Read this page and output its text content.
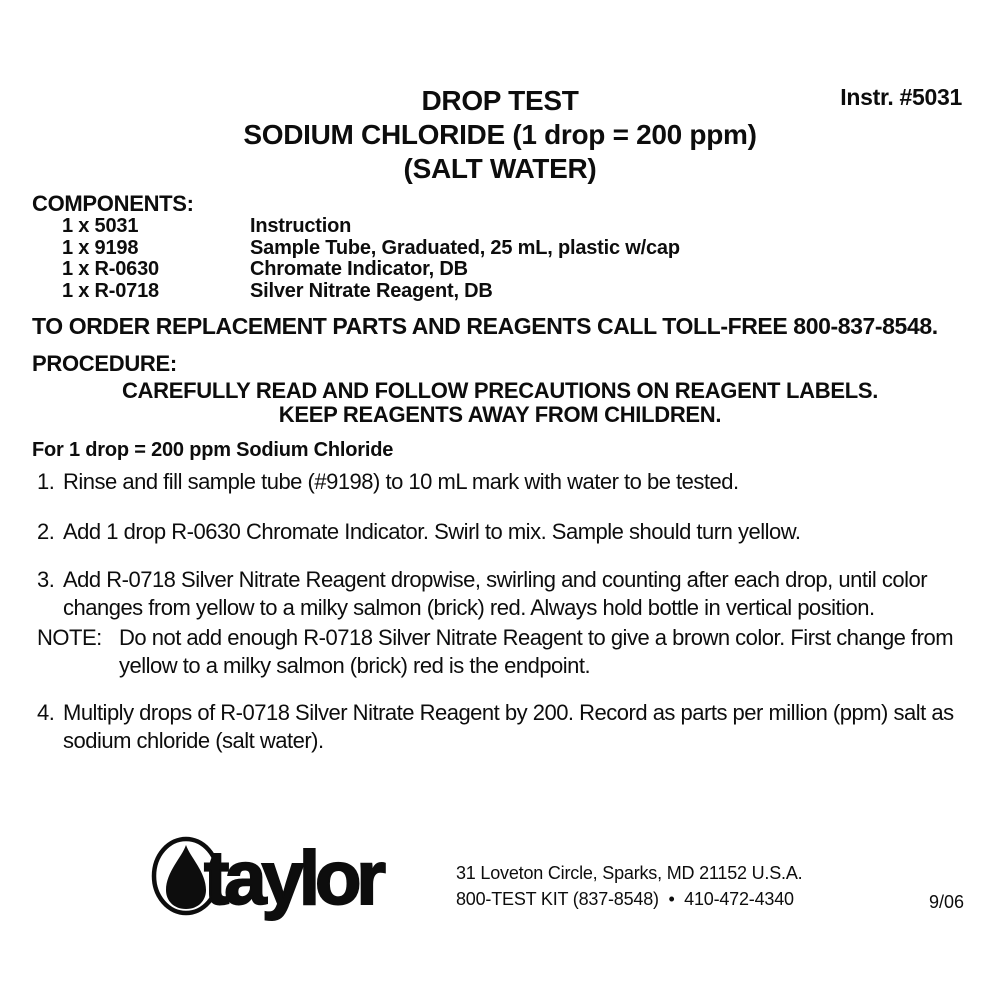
DROP TEST
SODIUM CHLORIDE (1 drop = 200 ppm)
(SALT WATER)
Instr. #5031
COMPONENTS:
1 x 5031	Instruction
1 x 9198	Sample Tube, Graduated, 25 mL, plastic w/cap
1 x R-0630	Chromate Indicator, DB
1 x R-0718	Silver Nitrate Reagent, DB
TO ORDER REPLACEMENT PARTS AND REAGENTS CALL TOLL-FREE 800-837-8548.
PROCEDURE:
CAREFULLY READ AND FOLLOW PRECAUTIONS ON REAGENT LABELS.
KEEP REAGENTS AWAY FROM CHILDREN.
For 1 drop = 200 ppm Sodium Chloride
1. Rinse and fill sample tube (#9198) to 10 mL mark with water to be tested.
2. Add 1 drop R-0630 Chromate Indicator. Swirl to mix. Sample should turn yellow.
3. Add R-0718 Silver Nitrate Reagent dropwise, swirling and counting after each drop, until color changes from yellow to a milky salmon (brick) red. Always hold bottle in vertical position.
NOTE: Do not add enough R-0718 Silver Nitrate Reagent to give a brown color. First change from yellow to a milky salmon (brick) red is the endpoint.
4. Multiply drops of R-0718 Silver Nitrate Reagent by 200. Record as parts per million (ppm) salt as sodium chloride (salt water).
taylor	31 Loveton Circle, Sparks, MD 21152 U.S.A.
800-TEST KIT (837-8548)  •  410-472-4340	9/06
